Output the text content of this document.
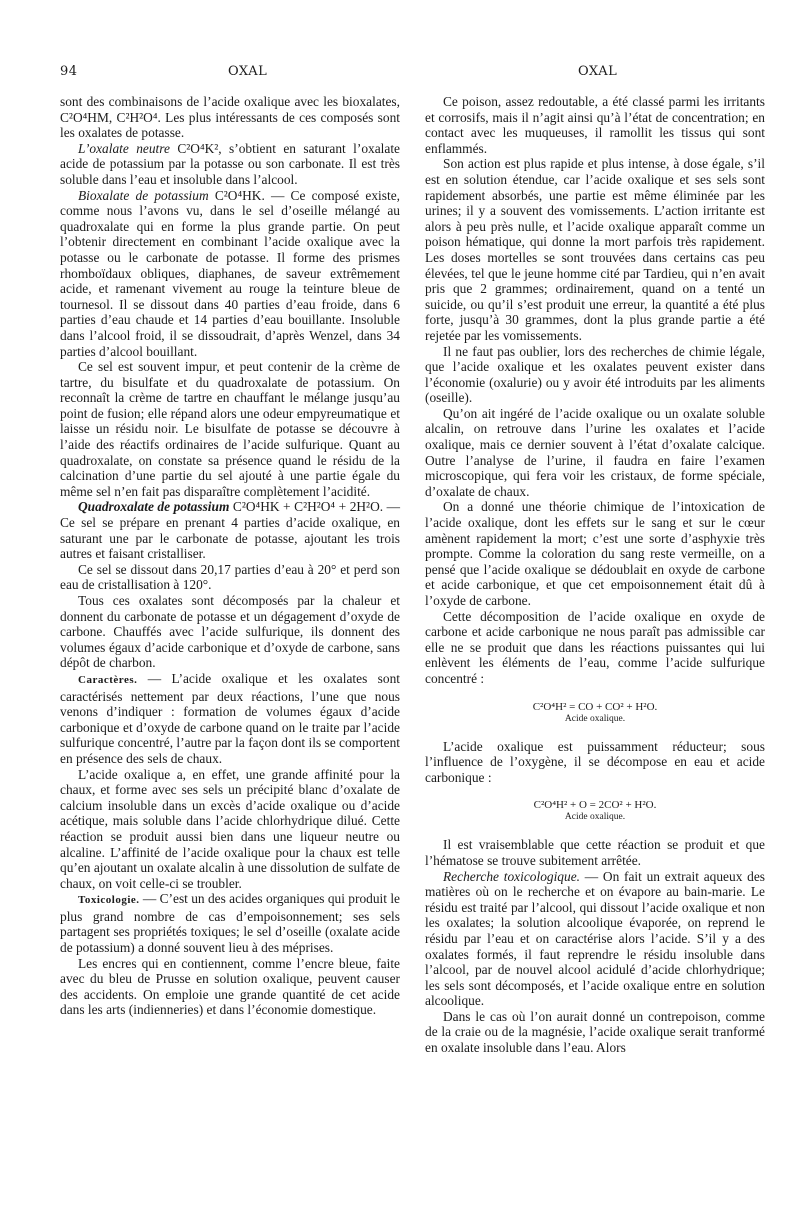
94	OXAL	OXAL

sont des combinaisons de l’acide oxalique avec les bioxalates, C²O⁴HM, C²H²O⁴. Les plus intéressants de ces composés sont les oxalates de potasse.

L’oxalate neutre C²O⁴K², s’obtient en saturant l’oxalate acide de potassium par la potasse ou son carbonate. Il est très soluble dans l’eau et insoluble dans l’alcool.

Bioxalate de potassium C²O⁴HK. — Ce composé existe, comme nous l’avons vu, dans le sel d’oseille mélangé au quadroxalate qui en forme la plus grande partie. On peut l’obtenir directement en combinant l’acide oxalique avec la potasse ou le carbonate de potasse. Il forme des prismes rhomboïdaux obliques, diaphanes, de saveur extrêmement acide, et ramenant vivement au rouge la teinture bleue de tournesol. Il se dissout dans 40 parties d’eau froide, dans 6 parties d’eau chaude et 14 parties d’eau bouillante. Insoluble dans l’alcool froid, il se dissoudrait, d’après Wenzel, dans 34 parties d’alcool bouillant.

Ce sel est souvent impur, et peut contenir de la crème de tartre, du bisulfate et du quadroxalate de potassium. On reconnaît la crème de tartre en chauffant le mélange jusqu’au point de fusion; elle répand alors une odeur empyreumatique et laisse un résidu noir. Le bisulfate de potasse se découvre à l’aide des réactifs ordinaires de l’acide sulfurique. Quant au quadroxalate, on constate sa présence quand le résidu de la calcination d’une partie du sel ajouté à une partie égale du même sel n’en fait pas disparaître complètement l’acidité.

Quadroxalate de potassium C²O⁴HK + C²H²O⁴ + 2H²O. — Ce sel se prépare en prenant 4 parties d’acide oxalique, en saturant une par le carbonate de potasse, ajoutant les trois autres et faisant cristalliser.

Ce sel se dissout dans 20,17 parties d’eau à 20° et perd son eau de cristallisation à 120°.

Tous ces oxalates sont décomposés par la chaleur et donnent du carbonate de potasse et un dégagement d’oxyde de carbone. Chauffés avec l’acide sulfurique, ils donnent des volumes égaux d’acide carbonique et d’oxyde de carbone, sans dépôt de charbon.

Caractères. — L’acide oxalique et les oxalates sont caractérisés nettement par deux réactions, l’une que nous venons d’indiquer : formation de volumes égaux d’acide carbonique et d’oxyde de carbone quand on le traite par l’acide sulfurique concentré, l’autre par la façon dont ils se comportent en présence des sels de chaux.

L’acide oxalique a, en effet, une grande affinité pour la chaux, et forme avec ses sels un précipité blanc d’oxalate de calcium insoluble dans un excès d’acide oxalique ou d’acide acétique, mais soluble dans l’acide chlorhydrique dilué. Cette réaction se produit aussi bien dans une liqueur neutre ou alcaline. L’affinité de l’acide oxalique pour la chaux est telle qu’en ajoutant un oxalate alcalin à une dissolution de sulfate de chaux, on voit celle-ci se troubler.

Toxicologie. — C’est un des acides organiques qui produit le plus grand nombre de cas d’empoisonnement; ses sels partagent ses propriétés toxiques; le sel d’oseille (oxalate acide de potassium) a donné souvent lieu à des méprises.

Les encres qui en contiennent, comme l’encre bleue, faite avec du bleu de Prusse en solution oxalique, peuvent causer des accidents. On emploie une grande quantité de cet acide dans les arts (indienneries) et dans l’économie domestique.

Ce poison, assez redoutable, a été classé parmi les irritants et corrosifs, mais il n’agit ainsi qu’à l’état de concentration; en contact avec les muqueuses, il ramollit les tissus qui sont enflammés.

Son action est plus rapide et plus intense, à dose égale, s’il est en solution étendue, car l’acide oxalique et ses sels sont rapidement absorbés, une partie est même éliminée par les urines; il y a souvent des vomissements. L’action irritante est alors à peu près nulle, et l’acide oxalique apparaît comme un poison hématique, qui donne la mort parfois très rapidement. Les doses mortelles se sont trouvées dans certains cas peu élevées, tel que le jeune homme cité par Tardieu, qui n’en avait pris que 2 grammes; ordinairement, quand on a tenté un suicide, ou qu’il s’est produit une erreur, la quantité a été plus forte, jusqu’à 30 grammes, dont la plus grande partie a été rejetée par les vomissements.

Il ne faut pas oublier, lors des recherches de chimie légale, que l’acide oxalique et les oxalates peuvent exister dans l’économie (oxalurie) ou y avoir été introduits par les aliments (oseille).

Qu’on ait ingéré de l’acide oxalique ou un oxalate soluble alcalin, on retrouve dans l’urine les oxalates et l’acide oxalique, mais ce dernier souvent à l’état d’oxalate calcique. Outre l’analyse de l’urine, il faudra en faire l’examen microscopique, qui fera voir les cristaux, de forme spéciale, d’oxalate de chaux.

On a donné une théorie chimique de l’intoxication de l’acide oxalique, dont les effets sur le sang et sur le cœur amènent rapidement la mort; c’est une sorte d’asphyxie très prompte. Comme la coloration du sang reste vermeille, on a pensé que l’acide oxalique se dédoublait en oxyde de carbone et acide carbonique, et que cet empoisonnement était dû à l’oxyde de carbone.

Cette décomposition de l’acide oxalique en oxyde de carbone et acide carbonique ne nous paraît pas admissible car elle ne se produit que dans les réactions puissantes qui lui enlèvent les éléments de l’eau, comme l’acide sulfurique concentré :

C²O⁴H² = CO + CO² + H²O.
Acide oxalique.

L’acide oxalique est puissamment réducteur; sous l’influence de l’oxygène, il se décompose en eau et acide carbonique :

C²O⁴H² + O = 2CO² + H²O.
Acide oxalique.

Il est vraisemblable que cette réaction se produit et que l’hématose se trouve subitement arrêtée.

Recherche toxicologique. — On fait un extrait aqueux des matières où on le recherche et on évapore au bain-marie. Le résidu est traité par l’alcool, qui dissout l’acide oxalique et non les oxalates; la solution alcoolique évaporée, on reprend le résidu par l’eau et on caractérise alors l’acide. S’il y a des oxalates formés, il faut reprendre le résidu insoluble dans l’alcool, par de nouvel alcool acidulé d’acide chlorhydrique; les sels sont décomposés, et l’acide oxalique entre en solution alcoolique.

Dans le cas où l’on aurait donné un contrepoison, comme de la craie ou de la magnésie, l’acide oxalique serait tranformé en oxalate insoluble dans l’eau. Alors
